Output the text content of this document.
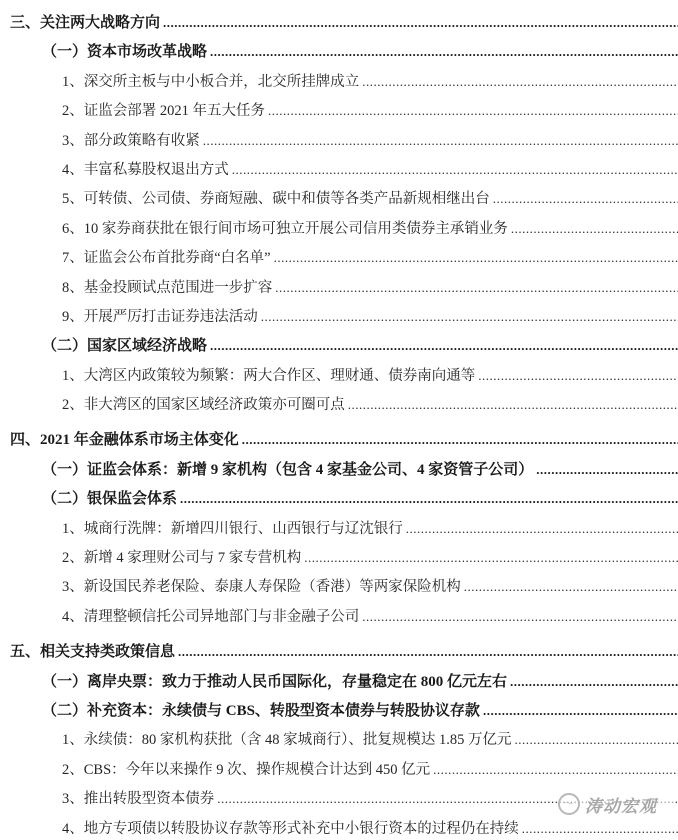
三、关注两大战略方向
.....
（一）资本市场改革战略
.....
1、深交所主板与中小板合并，北交所挂牌成立
.....
2、证监会部署 2021 年五大任务
.....
3、部分政策略有收紧
.....
4、丰富私募股权退出方式
.....
5、可转债、公司债、券商短融、碳中和债等各类产品新规相继出台
.....
6、10 家券商获批在银行间市场可独立开展公司信用类债券主承销业务
.....
7、证监会公布首批券商“白名单”
.....
8、基金投顾试点范围进一步扩容
.....
9、开展严厉打击证券违法活动
.....
（二）国家区域经济战略
.....
1、大湾区内政策较为频繁：两大合作区、理财通、债券南向通等
.....
2、非大湾区的国家区域经济政策亦可圈可点
.....
四、2021 年金融体系市场主体变化
.....
（一）证监会体系：新增 9 家机构（包含 4 家基金公司、4 家资管子公司）
.....
（二）银保监会体系
.....
1、城商行洗牌：新增四川银行、山西银行与辽沈银行
.....
2、新增 4 家理财公司与 7 家专营机构
.....
3、新设国民养老保险、泰康人寿保险（香港）等两家保险机构
.....
4、清理整顿信托公司异地部门与非金融子公司
.....
五、相关支持类政策信息
.....
（一）离岸央票：致力于推动人民币国际化，存量稳定在 800 亿元左右
.....
（二）补充资本：永续债与 CBS、转股型资本债券与转股协议存款
.....
1、永续债：80 家机构获批（含 48 家城商行）、批复规模达 1.85 万亿元
.....
2、CBS：今年以来操作 9 次、操作规模合计达到 450 亿元
.....
3、推出转股型资本债券
.....
4、地方专项债以转股协议存款等形式补充中小银行资本的过程仍在持续
.....
〜 涛动宏观
